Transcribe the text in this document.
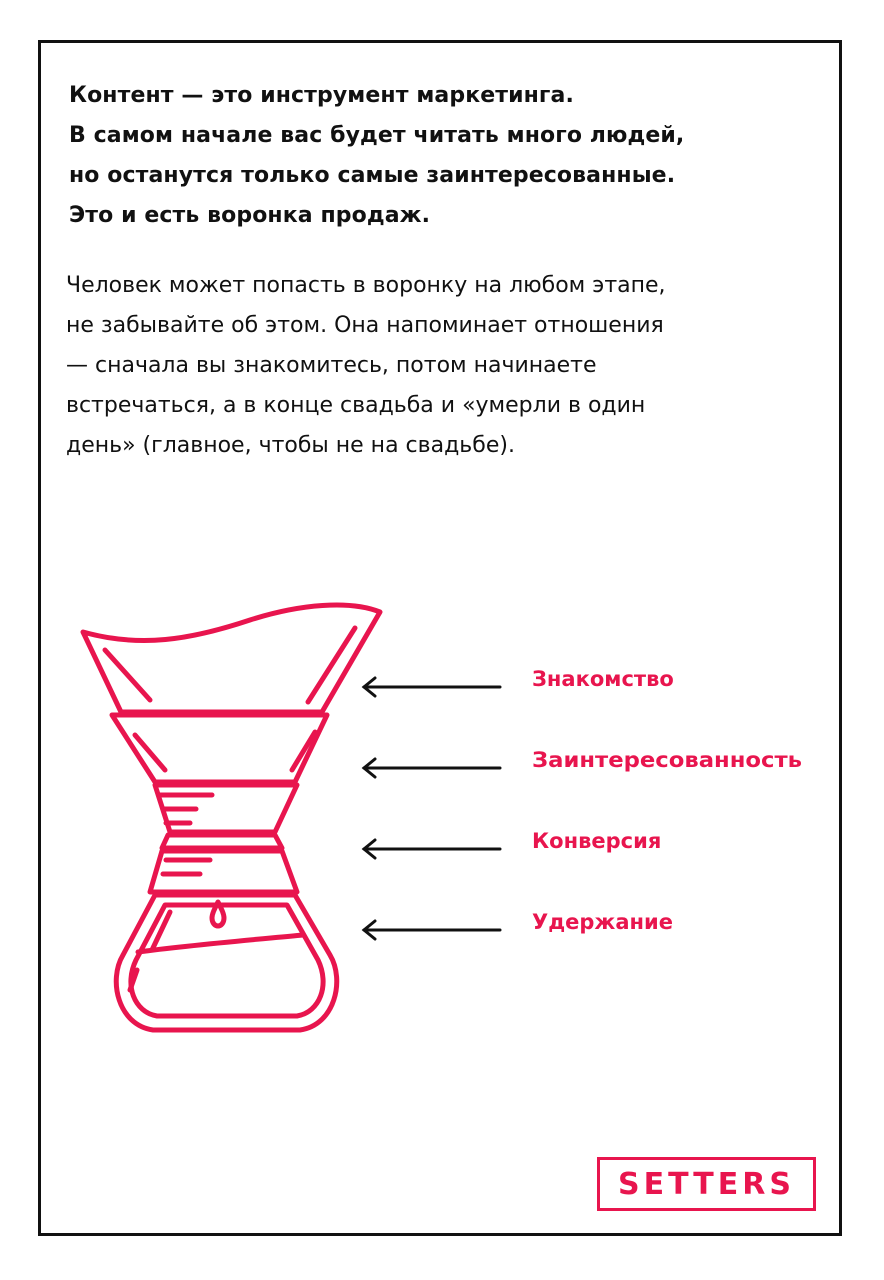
Контент — это инструмент маркетинга.
В самом начале вас будет читать много людей,
но останутся только самые заинтересованные.
Это и есть воронка продаж.
Человек может попасть в воронку на любом этапе,
не забывайте об этом. Она напоминает отношения
— сначала вы знакомитесь, потом начинаете
встречаться, а в конце свадьба и «умерли в один
день» (главное, чтобы не на свадьбе).
Знакомство
Заинтересованность
Конверсия
Удержание
SETTERS
